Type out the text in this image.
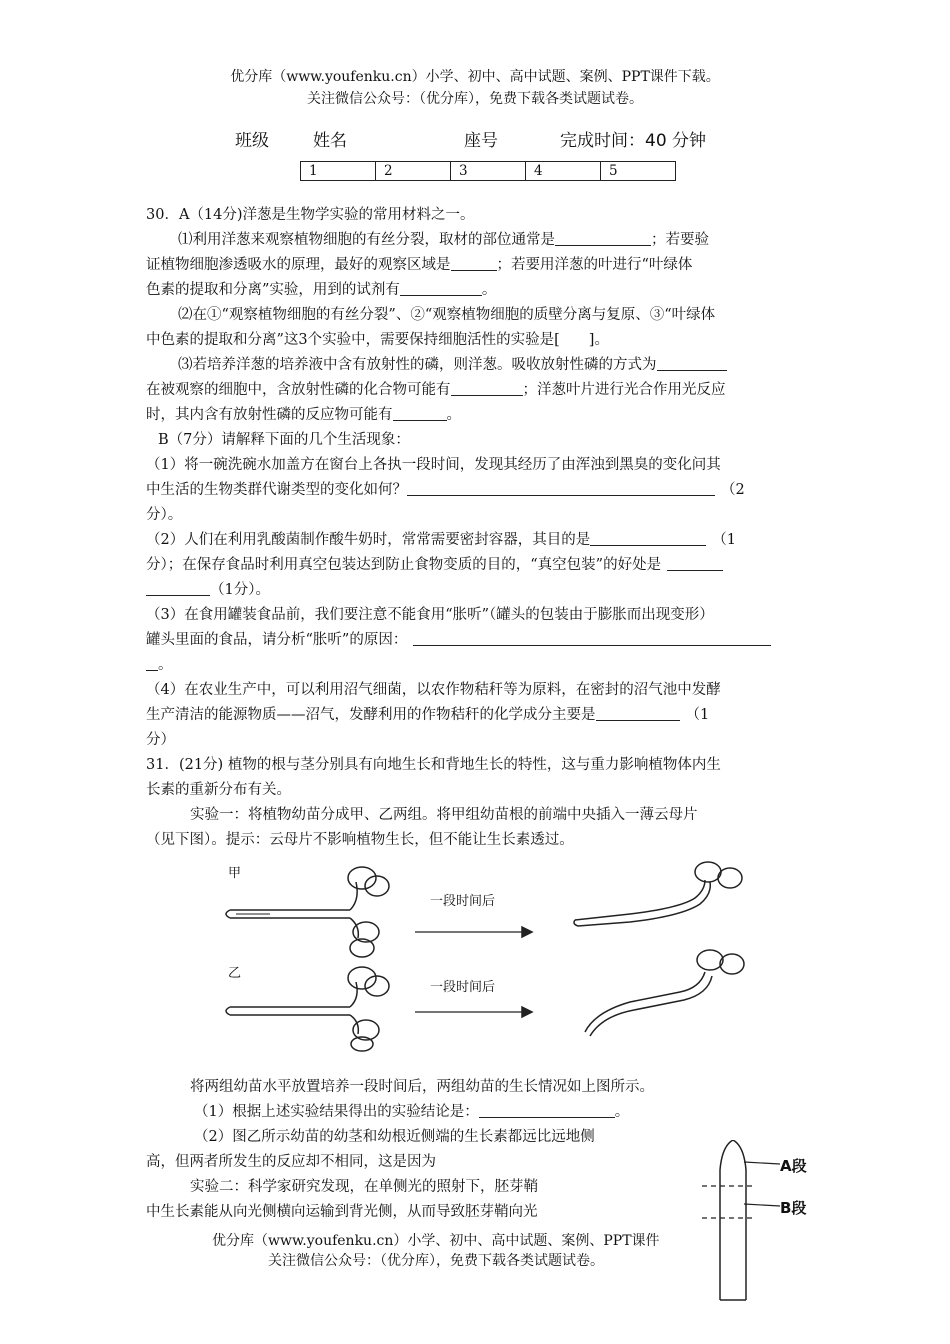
优分库（www.youfenku.cn）小学、初中、高中试题、案例、PPT课件下载。
关注微信公众号：（优分库），免费下载各类试题试卷。
班级	姓名	座号	完成时间：40 分钟
1	2	3	4	5
30．A（14分)洋葱是生物学实验的常用材料之一。
⑴利用洋葱来观察植物细胞的有丝分裂，取材的部位通常是	；若要验
证植物细胞渗透吸水的原理，最好的观察区域是	；若要用洋葱的叶进行“叶绿体
色素的提取和分离”实验，用到的试剂有	。
⑵在①“观察植物细胞的有丝分裂”、②“观察植物细胞的质壁分离与复原、③“叶绿体
中色素的提取和分离”这3个实验中，需要保持细胞活性的实验是[　　]。
⑶若培养洋葱的培养液中含有放射性的磷，则洋葱。吸收放射性磷的方式为
在被观察的细胞中，含放射性磷的化合物可能有	；洋葱叶片进行光合作用光反应
时，其内含有放射性磷的反应物可能有	。
B（7分）请解释下面的几个生活现象：
（1）将一碗洗碗水加盖方在窗台上各执一段时间，发现其经历了由浑浊到黑臭的变化问其
中生活的生物类群代谢类型的变化如何？	（2
分）。
（2）人们在利用乳酸菌制作酸牛奶时，常常需要密封容器，其目的是	（1
分）；在保存食品时利用真空包装达到防止食物变质的目的，“真空包装”的好处是
（1分）。
（3）在食用罐装食品前，我们要注意不能食用“胀听”（罐头的包装由于膨胀而出现变形）
罐头里面的食品，请分析“胀听”的原因：
。
（4）在农业生产中，可以利用沼气细菌，以农作物秸秆等为原料，在密封的沼气池中发酵
生产清洁的能源物质——沼气，发酵利用的作物秸秆的化学成分主要是	（1
分）
31．(21分) 植物的根与茎分别具有向地生长和背地生长的特性，这与重力影响植物体内生
长素的重新分布有关。
实验一：将植物幼苗分成甲、乙两组。将甲组幼苗根的前端中央插入一薄云母片
（见下图）。提示：云母片不影响植物生长，但不能让生长素透过。
甲
乙
一段时间后
一段时间后
将两组幼苗水平放置培养一段时间后，两组幼苗的生长情况如上图所示。
（1）根据上述实验结果得出的实验结论是：	。
（2）图乙所示幼苗的幼茎和幼根近侧端的生长素都远比远地侧
高，但两者所发生的反应却不相同，这是因为
实验二：科学家研究发现，在单侧光的照射下，胚芽鞘
中生长素能从向光侧横向运输到背光侧，从而导致胚芽鞘向光
A段
B段
优分库（www.youfenku.cn）小学、初中、高中试题、案例、PPT课件
关注微信公众号：（优分库），免费下载各类试题试卷。
